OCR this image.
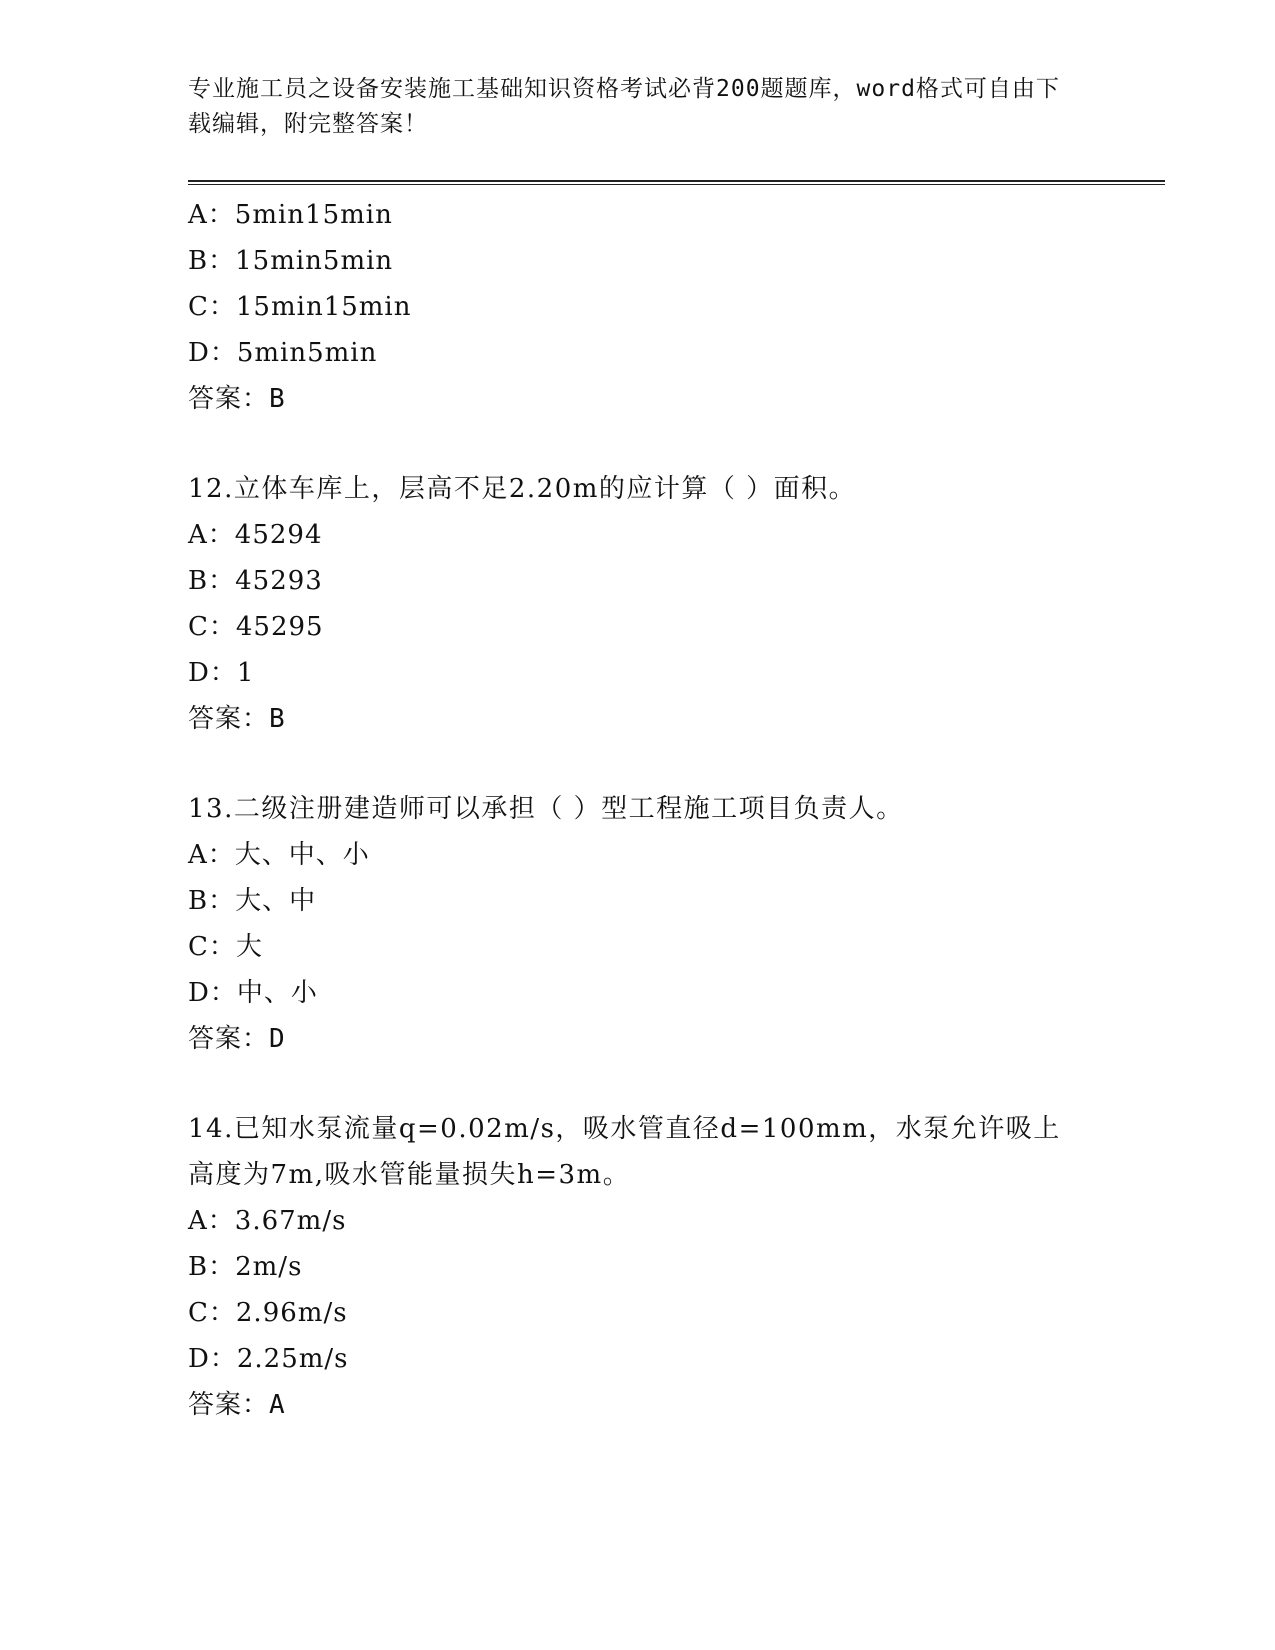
专业施工员之设备安装施工基础知识资格考试必背200题题库，word格式可自由下载编辑，附完整答案！
A：5min15min
B：15min5min
C：15min15min
D：5min5min
答案：B
12.立体车库上，层高不足2.20m的应计算（ ）面积。
A：45294
B：45293
C：45295
D：1
答案：B
13.二级注册建造师可以承担（ ）型工程施工项目负责人。
A：大、中、小
B：大、中
C：大
D：中、小
答案：D
14.已知水泵流量q=0.02m/s，吸水管直径d=100mm，水泵允许吸上高度为7m,吸水管能量损失h=3m。
A：3.67m/s
B：2m/s
C：2.96m/s
D：2.25m/s
答案：A
